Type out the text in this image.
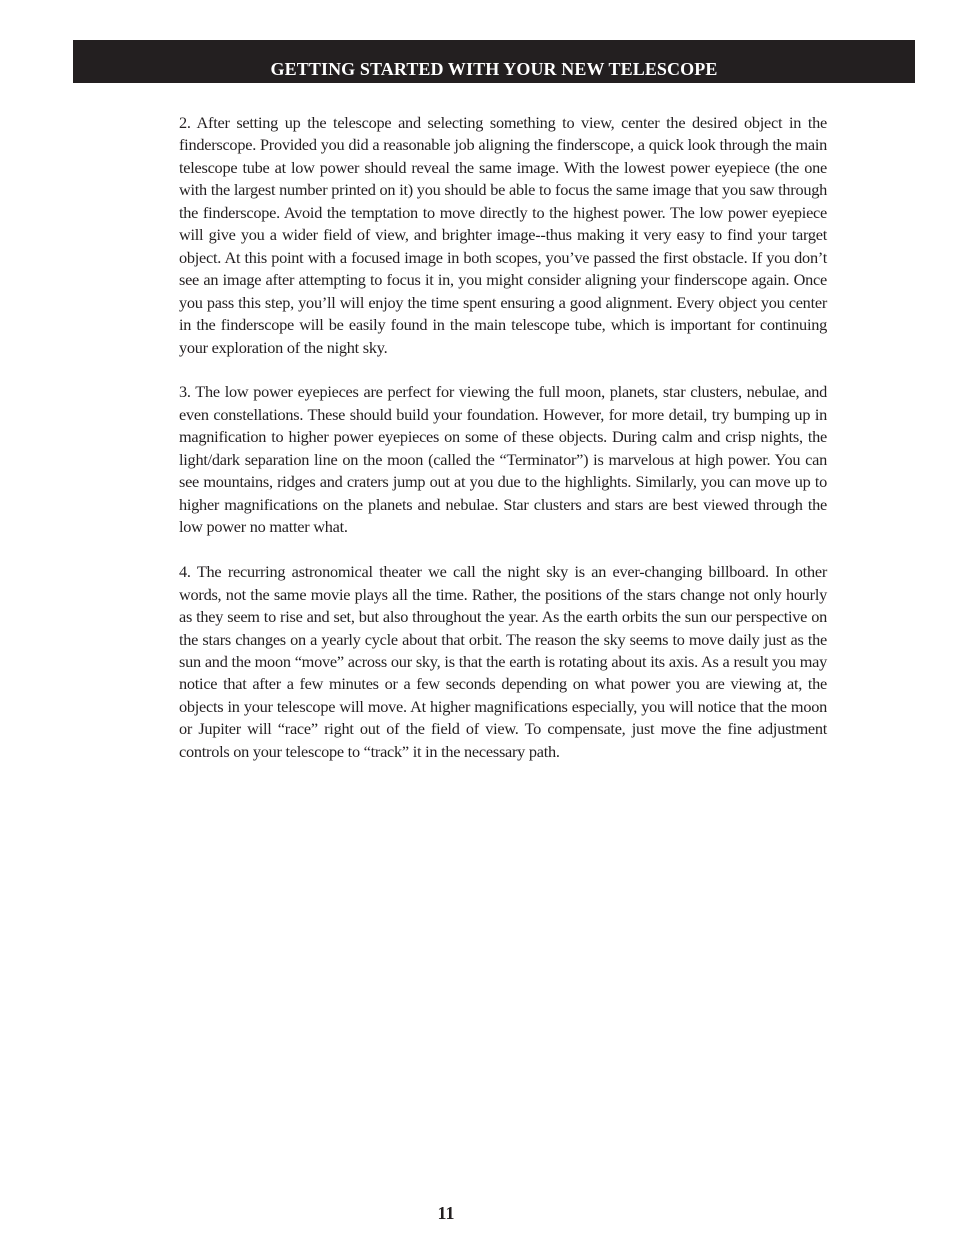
GETTING STARTED WITH YOUR NEW TELESCOPE

2. After setting up the telescope and selecting something to view, center the desired object in the finderscope. Provided you did a reasonable job aligning the finderscope, a quick look through the main telescope tube at low power should reveal the same image. With the lowest power eyepiece (the one with the largest number printed on it) you should be able to focus the same image that you saw through the finderscope. Avoid the temptation to move directly to the highest power. The low power eyepiece will give you a wider field of view, and brighter image--thus making it very easy to find your target object. At this point with a focused image in both scopes, you’ve passed the first obstacle. If you don’t see an image after attempting to focus it in, you might consider aligning your finderscope again. Once you pass this step, you’ll will enjoy the time spent ensuring a good alignment. Every object you center in the finderscope will be easily found in the main telescope tube, which is important for continuing your exploration of the night sky.

3. The low power eyepieces are perfect for viewing the full moon, planets, star clusters, nebulae, and even constellations. These should build your foundation. However, for more detail, try bumping up in magnification to higher power eyepieces on some of these objects. During calm and crisp nights, the light/dark separation line on the moon (called the “Terminator”) is marvelous at high power. You can see mountains, ridges and craters jump out at you due to the highlights. Similarly, you can move up to higher magnifications on the planets and nebulae. Star clusters and stars are best viewed through the low power no matter what.

4. The recurring astronomical theater we call the night sky is an ever-changing billboard. In other words, not the same movie plays all the time. Rather, the positions of the stars change not only hourly as they seem to rise and set, but also throughout the year. As the earth orbits the sun our perspective on the stars changes on a yearly cycle about that orbit. The reason the sky seems to move daily just as the sun and the moon “move” across our sky, is that the earth is rotating about its axis. As a result you may notice that after a few minutes or a few seconds depending on what power you are viewing at, the objects in your telescope will move. At higher magnifications especially, you will notice that the moon or Jupiter will “race” right out of the field of view. To compensate, just move the fine adjustment controls on your telescope to “track” it in the necessary path.

11
